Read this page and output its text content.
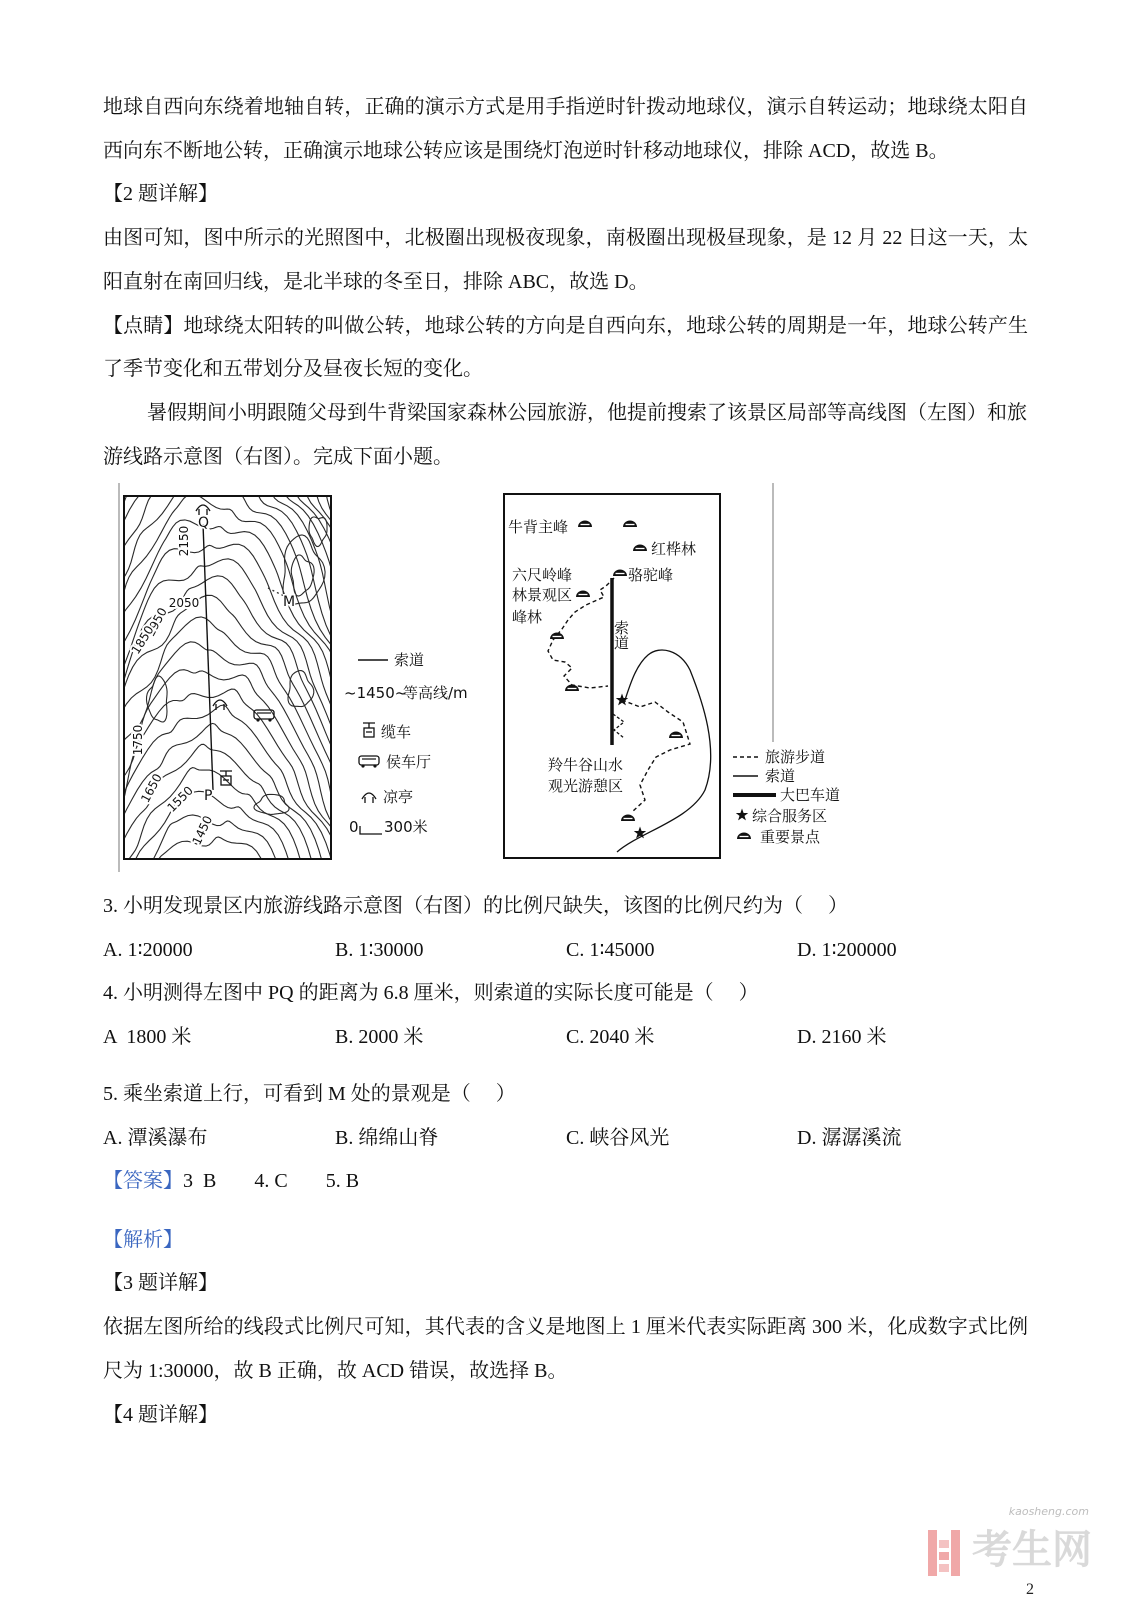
地球自西向东绕着地轴自转，正确的演示方式是用手指逆时针拨动地球仪，演示自转运动；地球绕太阳自
西向东不断地公转，正确演示地球公转应该是围绕灯泡逆时针移动地球仪，排除 ACD，故选 B。
【2 题详解】
由图可知，图中所示的光照图中，北极圈出现极夜现象，南极圈出现极昼现象，是 12 月 22 日这一天，太
阳直射在南回归线，是北半球的冬至日，排除 ABC，故选 D。
【点睛】地球绕太阳转的叫做公转，地球公转的方向是自西向东，地球公转的周期是一年，地球公转产生
了季节变化和五带划分及昼夜长短的变化。
暑假期间小明跟随父母到牛背梁国家森林公园旅游，他提前搜索了该景区局部等高线图（左图）和旅
游线路示意图（右图）。完成下面小题。
Q
P
M
2150
2050
1950
1850
1750
1650 1550
1450
索道
~1450~
等高线/m
缆车
侯车厅
凉亭
0 300米
牛背主峰
红桦林
六尺岭峰	骆驼峰
林景观区
峰林
羚牛谷山水
观光游憩区
旅游步道
索道
大巴车道
综合服务区
重要景点
索道
3. 小明发现景区内旅游线路示意图（右图）的比例尺缺失，该图的比例尺约为（     ）

A. 1∶20000

	B. 1∶30000

	C. 1∶45000

	D. 1∶200000

4. 小明测得左图中 PQ 的距离为 6.8 厘米，则索道的实际长度可能是（     ）

A  1800 米

	B. 2000 米

	C. 2040 米

	D. 2160 米

5. 乘坐索道上行，可看到 M 处的景观是（     ）

A. 潭溪瀑布

	B. 绵绵山脊

	C. 峡谷风光

	D. 潺潺溪流

【答案】3  B 4. C 5. B
【解析】
【3 题详解】
依据左图所给的线段式比例尺可知，其代表的含义是地图上 1 厘米代表实际距离 300 米，化成数字式比例
尺为 1:30000，故 B 正确，故 ACD 错误，故选择 B。
【4 题详解】
kaosheng.com
考生网
2
